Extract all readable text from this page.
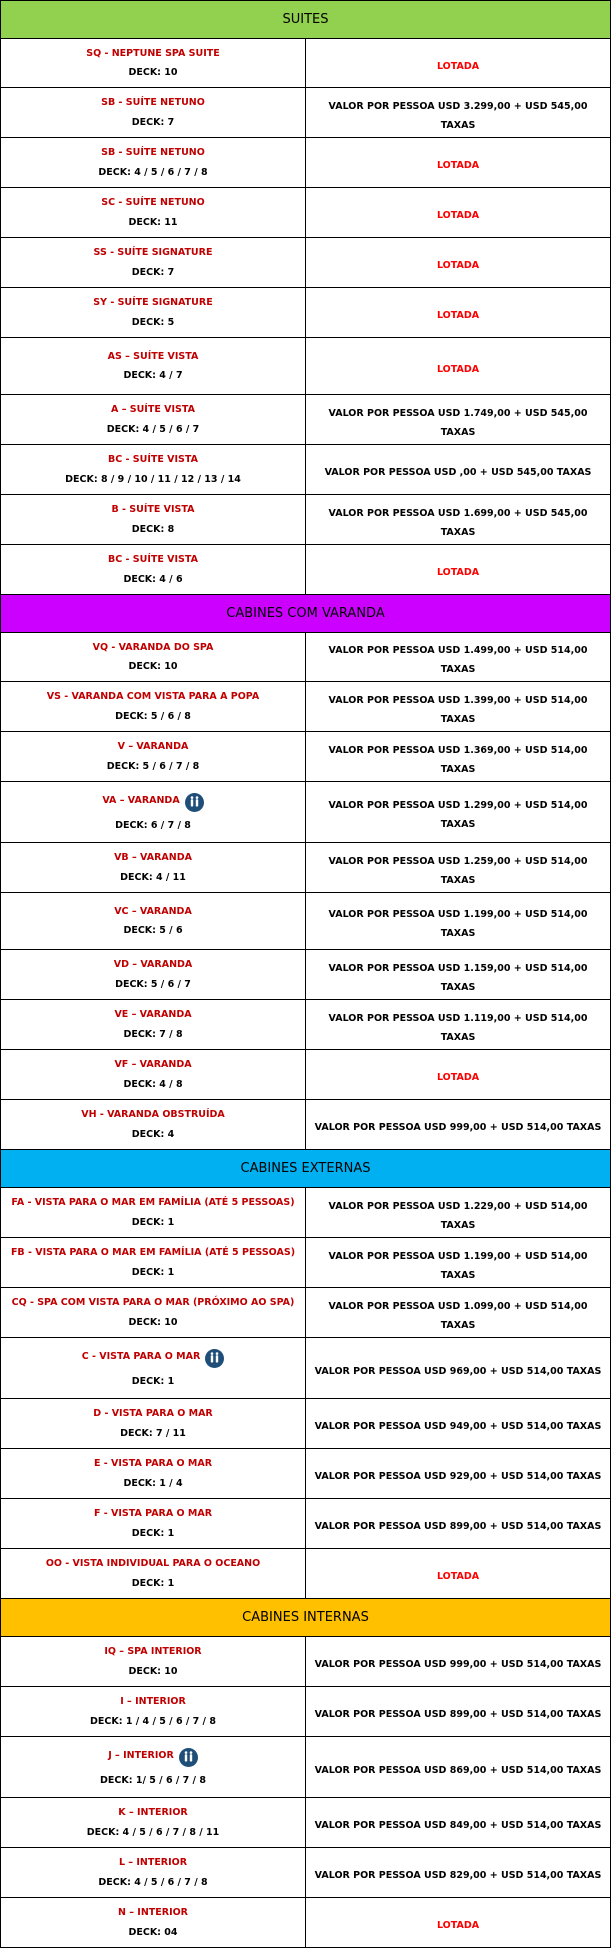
SUITES	

SQ - NEPTUNE SPA SUITE
DECK: 10	LOTADA

SB - SUÍTE NETUNO
DECK: 7	VALOR POR PESSOA USD 3.299,00 + USD 545,00 TAXAS

SB - SUÍTE NETUNO
DECK: 4 / 5 / 6 / 7 / 8	LOTADA

SC - SUÍTE NETUNO
DECK: 11	LOTADA

SS - SUÍTE SIGNATURE
DECK: 7	LOTADA

SY - SUÍTE SIGNATURE
DECK: 5	LOTADA

AS – SUÍTE VISTA
DECK: 4 / 7	LOTADA

A – SUÍTE VISTA
DECK: 4 / 5 / 6 / 7	VALOR POR PESSOA USD 1.749,00 + USD 545,00 TAXAS

BC - SUÍTE VISTA
DECK: 8 / 9 / 10 / 11 / 12 / 13 / 14	VALOR POR PESSOA USD ,00 + USD 545,00 TAXAS

B - SUÍTE VISTA
DECK: 8	VALOR POR PESSOA USD 1.699,00 + USD 545,00 TAXAS

BC - SUÍTE VISTA
DECK: 4 / 6	LOTADA
CABINES COM VARANDA	

VQ - VARANDA DO SPA
DECK: 10	VALOR POR PESSOA USD 1.499,00 + USD 514,00 TAXAS

VS - VARANDA COM VISTA PARA A POPA
DECK: 5 / 6 / 8	VALOR POR PESSOA USD 1.399,00 + USD 514,00 TAXAS

V – VARANDA
DECK: 5 / 6 / 7 / 8	VALOR POR PESSOA USD 1.369,00 + USD 514,00 TAXAS

VA – VARANDA
DECK: 6 / 7 / 8	VALOR POR PESSOA USD 1.299,00 + USD 514,00 TAXAS

VB – VARANDA
DECK: 4 / 11	VALOR POR PESSOA USD 1.259,00 + USD 514,00 TAXAS

VC – VARANDA
DECK: 5 / 6	VALOR POR PESSOA USD 1.199,00 + USD 514,00 TAXAS

VD – VARANDA
DECK: 5 / 6 / 7	VALOR POR PESSOA USD 1.159,00 + USD 514,00 TAXAS

VE – VARANDA
DECK: 7 / 8	VALOR POR PESSOA USD 1.119,00 + USD 514,00 TAXAS

VF – VARANDA
DECK: 4 / 8	LOTADA

VH - VARANDA OBSTRUÍDA
DECK: 4	VALOR POR PESSOA USD 999,00 + USD 514,00 TAXAS
CABINES EXTERNAS	

FA - VISTA PARA O MAR EM FAMÍLIA (ATÉ 5 PESSOAS)
DECK: 1	VALOR POR PESSOA USD 1.229,00 + USD 514,00 TAXAS

FB - VISTA PARA O MAR EM FAMÍLIA (ATÉ 5 PESSOAS)
DECK: 1	VALOR POR PESSOA USD 1.199,00 + USD 514,00 TAXAS

CQ - SPA COM VISTA PARA O MAR (PRÓXIMO AO SPA)
DECK: 10	VALOR POR PESSOA USD 1.099,00 + USD 514,00 TAXAS

C - VISTA PARA O MAR
DECK: 1	VALOR POR PESSOA USD 969,00 + USD 514,00 TAXAS

D - VISTA PARA O MAR
DECK: 7 / 11	VALOR POR PESSOA USD 949,00 + USD 514,00 TAXAS

E - VISTA PARA O MAR
DECK: 1 / 4	VALOR POR PESSOA USD 929,00 + USD 514,00 TAXAS

F - VISTA PARA O MAR
DECK: 1	VALOR POR PESSOA USD 899,00 + USD 514,00 TAXAS

OO - VISTA INDIVIDUAL PARA O OCEANO
DECK: 1	LOTADA
CABINES INTERNAS	

IQ – SPA INTERIOR
DECK: 10	VALOR POR PESSOA USD 999,00 + USD 514,00 TAXAS

I – INTERIOR
DECK: 1 / 4 / 5 / 6 / 7 / 8	VALOR POR PESSOA USD 899,00 + USD 514,00 TAXAS

J – INTERIOR
DECK: 1/ 5 / 6 / 7 / 8	VALOR POR PESSOA USD 869,00 + USD 514,00 TAXAS

K – INTERIOR
DECK: 4 / 5 / 6 / 7 / 8 / 11	VALOR POR PESSOA USD 849,00 + USD 514,00 TAXAS

L – INTERIOR
DECK: 4 / 5 / 6 / 7 / 8	VALOR POR PESSOA USD 829,00 + USD 514,00 TAXAS

N – INTERIOR
DECK: 04	LOTADA
